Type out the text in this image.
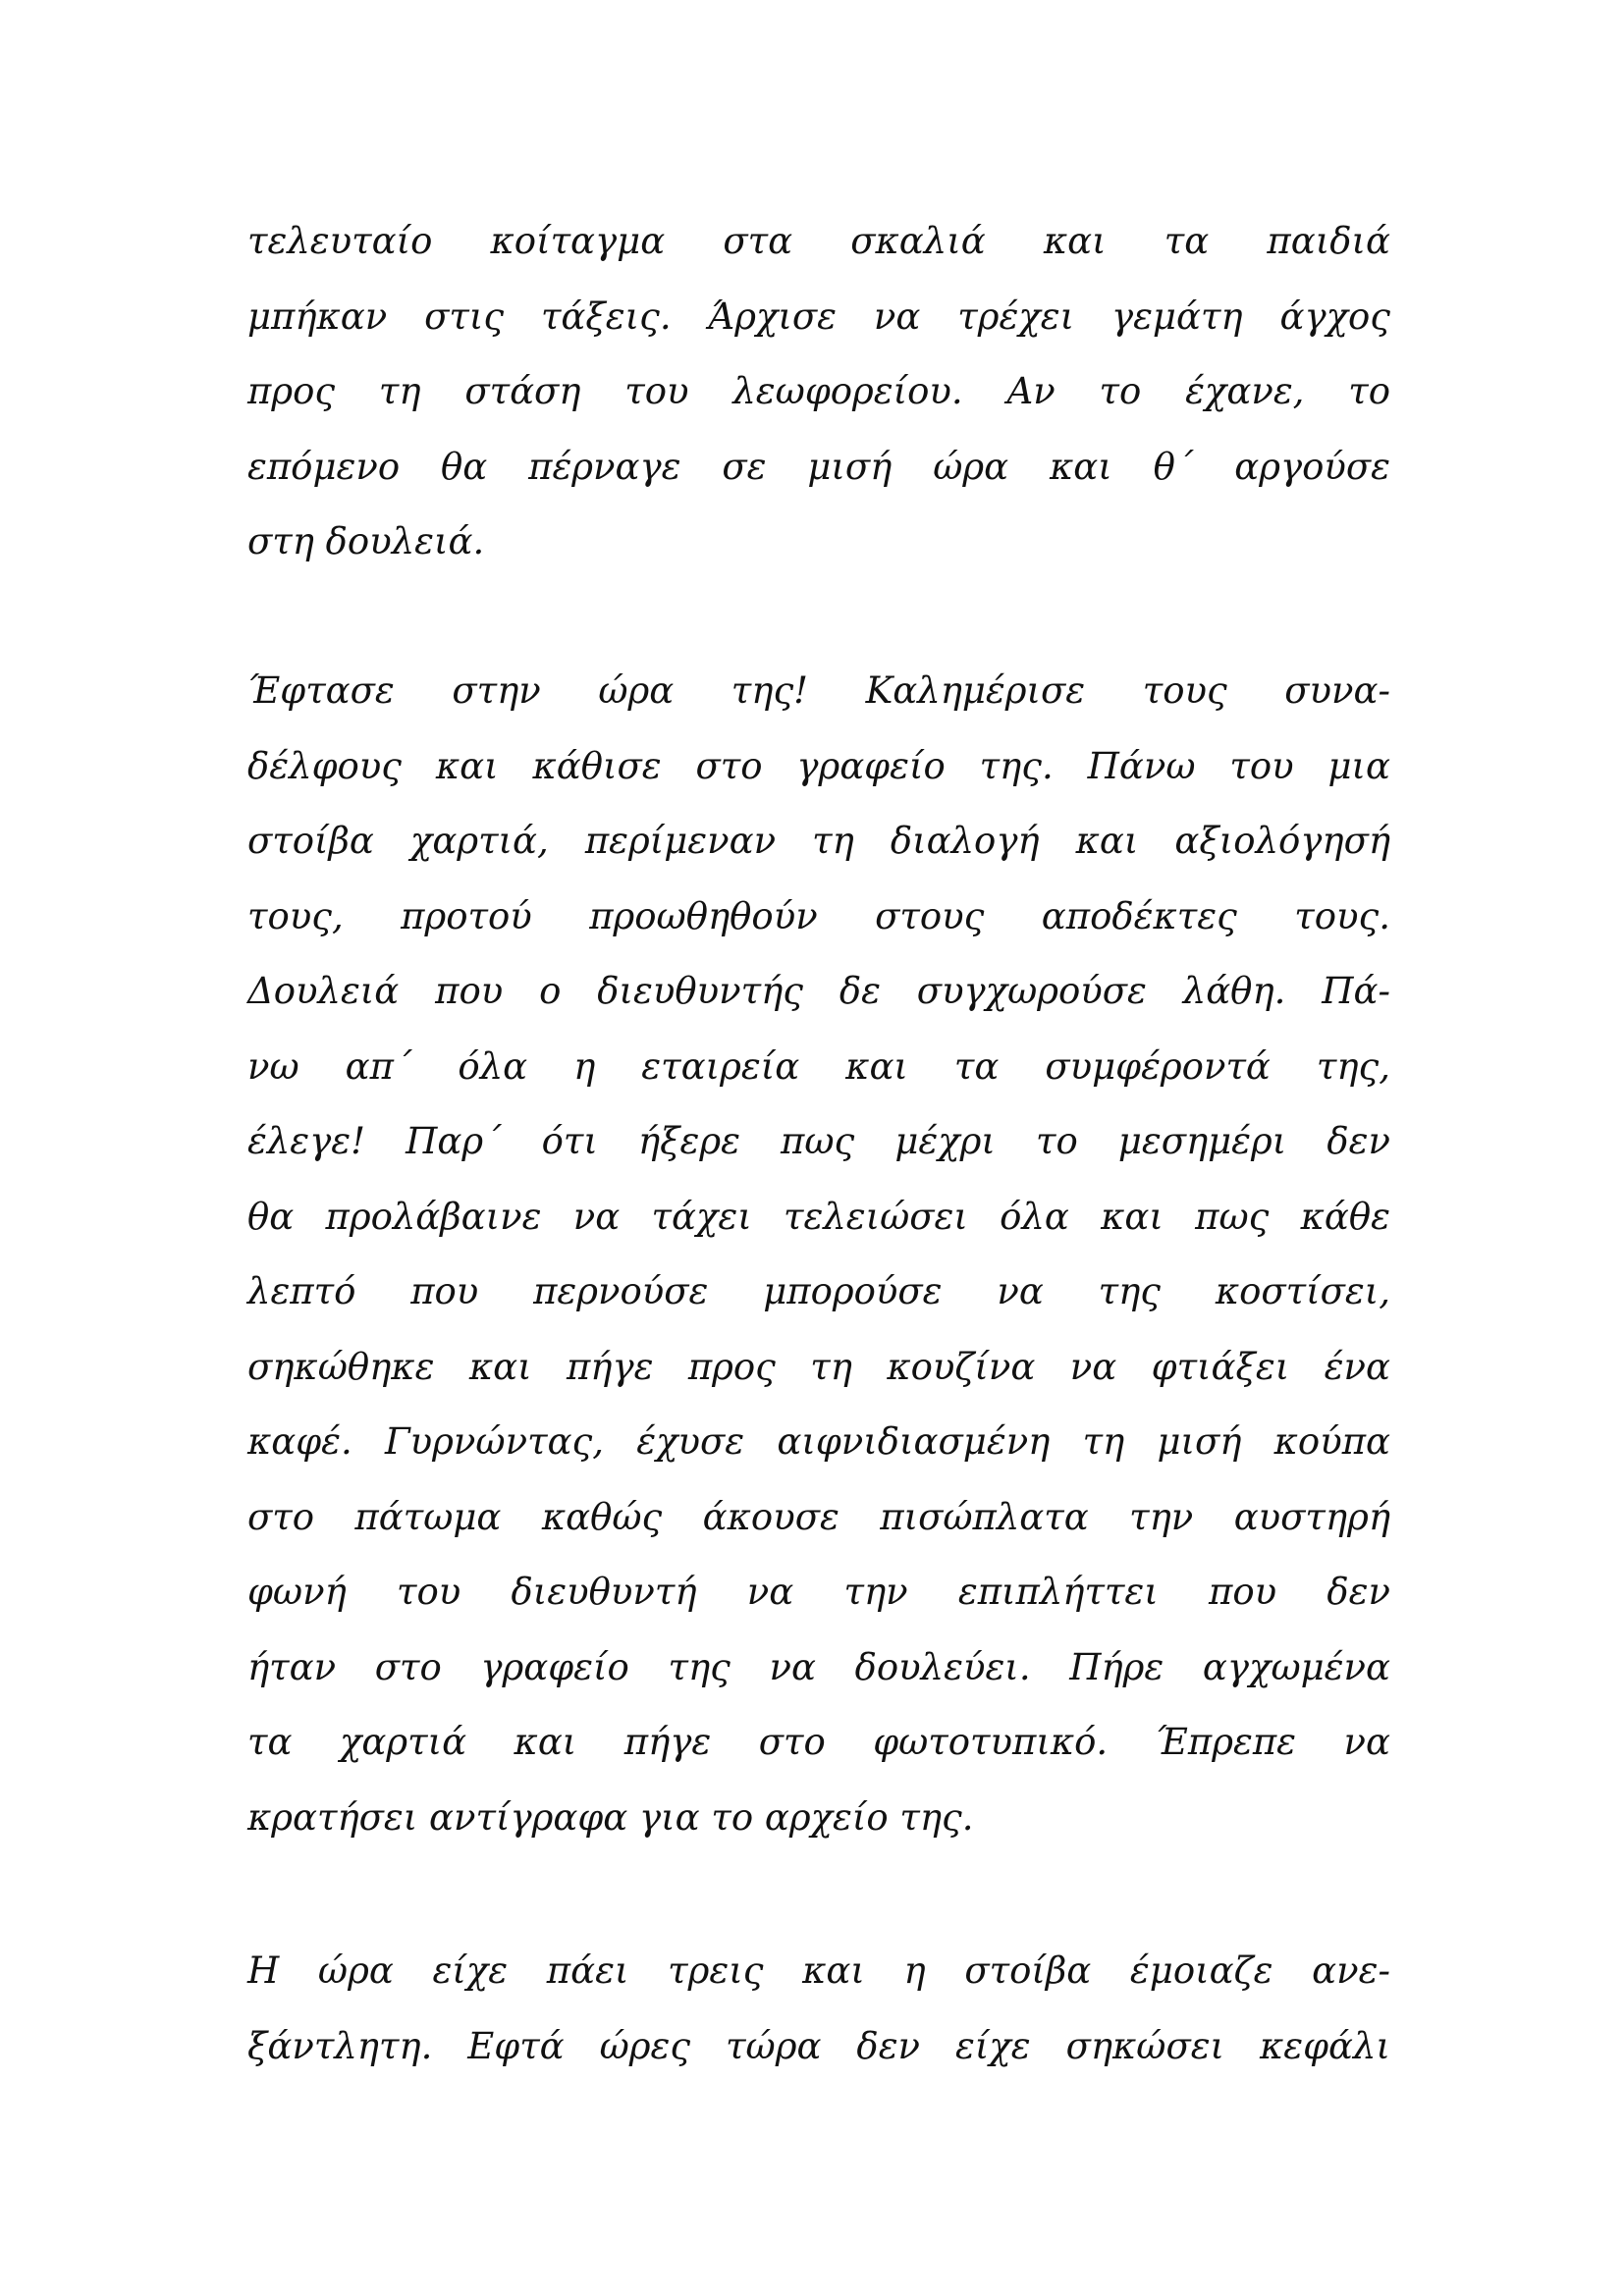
τελευταίο κοίταγμα στα σκαλιά και τα παιδιά
μπήκαν στις τάξεις. Άρχισε να τρέχει γεμάτη άγχος
προς τη στάση του λεωφορείου. Αν το έχανε, το
επόμενο θα πέρναγε σε μισή ώρα και θ΄ αργούσε
στη δουλειά.
Έφτασε στην ώρα της! Καλημέρισε τους συνα-
δέλφους και κάθισε στο γραφείο της. Πάνω του μια
στοίβα χαρτιά, περίμεναν τη διαλογή και αξιολόγησή
τους, προτού προωθηθούν στους αποδέκτες τους.
Δουλειά που ο διευθυντής δε συγχωρούσε λάθη. Πά-
νω απ΄ όλα η εταιρεία και τα συμφέροντά της,
έλεγε! Παρ΄ ότι ήξερε πως μέχρι το μεσημέρι δεν
θα προλάβαινε να τάχει τελειώσει όλα και πως κάθε
λεπτό που περνούσε μπορούσε να της κοστίσει,
σηκώθηκε και πήγε προς τη κουζίνα να φτιάξει ένα
καφέ. Γυρνώντας, έχυσε αιφνιδιασμένη τη μισή κούπα
στο πάτωμα καθώς άκουσε πισώπλατα την αυστηρή
φωνή του διευθυντή να την επιπλήττει που δεν
ήταν στο γραφείο της να δουλεύει. Πήρε αγχωμένα
τα χαρτιά και πήγε στο φωτοτυπικό. Έπρεπε να
κρατήσει αντίγραφα για το αρχείο της.
Η ώρα είχε πάει τρεις και η στοίβα έμοιαζε ανε-
ξάντλητη. Εφτά ώρες τώρα δεν είχε σηκώσει κεφάλι
